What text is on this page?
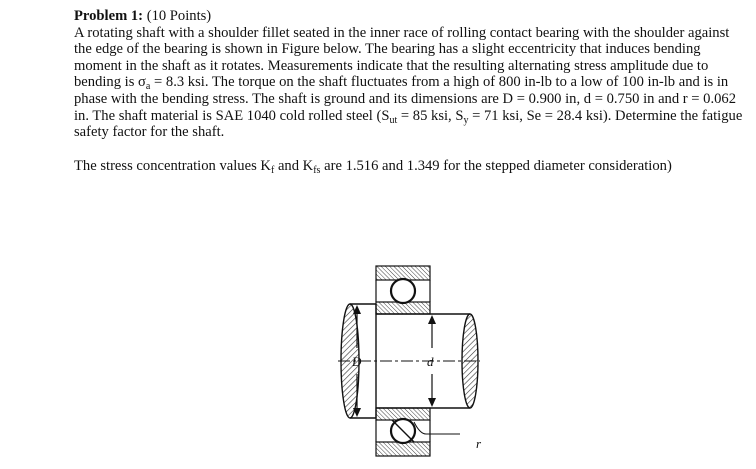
Problem 1: (10 Points)

A rotating shaft with a shoulder fillet seated in the inner race of rolling contact bearing with the shoulder against the edge of the bearing is shown in Figure below. The bearing has a slight eccentricity that induces bending moment in the shaft as it rotates. Measurements indicate that the resulting alternating stress amplitude due to bending is $\sigma_a = 8.3$ ksi. The torque on the shaft fluctuates from a high of 800 in-lb to a low of 100 in-lb and is in phase with the bending stress. The shaft is ground and its dimensions are D = 0.900 in, d = 0.750 in and r = 0.062 in. The shaft material is SAE 1040 cold rolled steel ($S_{ut} = 85$ ksi, $S_y = 71$ ksi, Se = 28.4 ksi). Determine the fatigue safety factor for the shaft.

The stress concentration values $K_f$ and $K_{fs}$ are 1.516 and 1.349 for the stepped diameter consideration)

D	d
r
